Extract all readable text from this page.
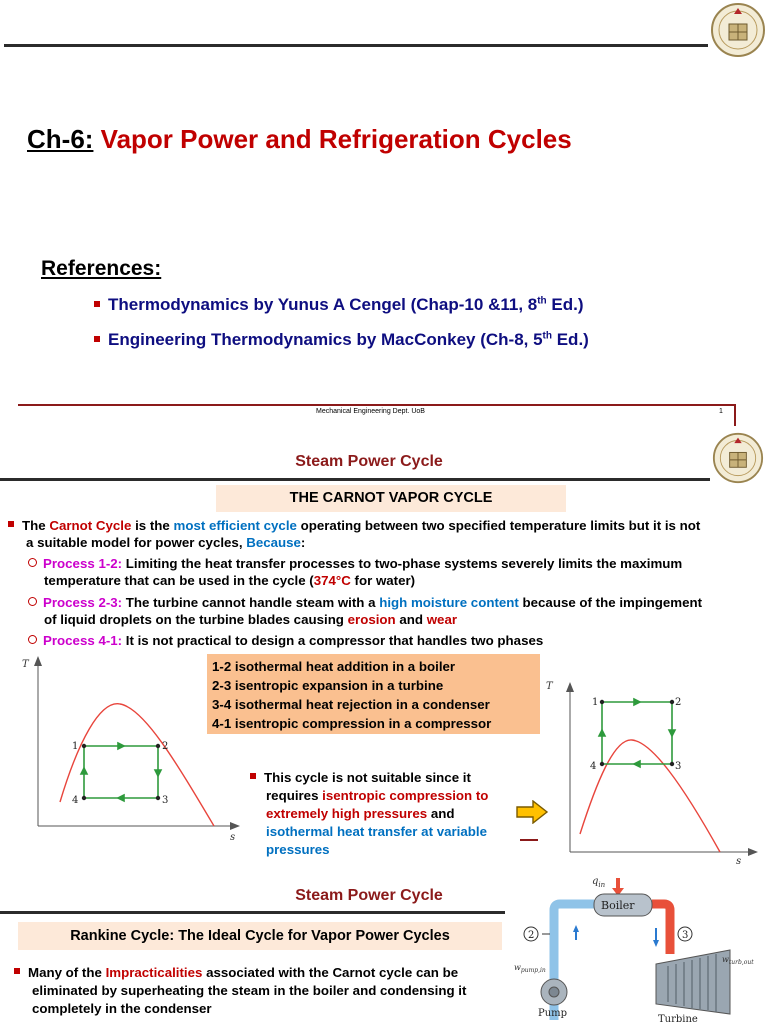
Ch-6: Vapor Power and Refrigeration Cycles
References:
Thermodynamics by Yunus A Cengel (Chap-10 &11, 8th Ed.)
Engineering Thermodynamics by MacConkey (Ch-8, 5th Ed.)
Mechanical Engineering Dept. UoB	1
Steam Power Cycle
THE CARNOT VAPOR CYCLE
The Carnot Cycle is the most efficient cycle operating between two specified temperature limits but it is not
a suitable model for power cycles, Because:
Process 1-2: Limiting the heat transfer processes to two-phase systems severely limits the maximum
temperature that can be used in the cycle (374°C for water)
Process 2-3: The turbine cannot handle steam with a high moisture content because of the impingement
of liquid droplets on the turbine blades causing erosion and wear
Process 4-1: It is not practical to design a compressor that handles two phases
T
s
1	2
3
4
1-2 isothermal heat addition in a boiler
2-3 isentropic expansion in a turbine
3-4 isothermal heat rejection in a condenser
4-1 isentropic compression in a compressor
This cycle is not suitable since it
requires isentropic compression to
extremely high pressures and
isothermal heat transfer at variable
pressures
T
s
1	2
3
4
Steam Power Cycle
Rankine Cycle: The Ideal Cycle for Vapor Power Cycles
Many of the Impracticalities associated with the Carnot cycle can be
eliminated by superheating the steam in the boiler and condensing it
completely in the condenser
$q_{in}$
Boiler
2	3
Pump
$w_{pump,in}$
Turbine
$w_{turb,out}$
